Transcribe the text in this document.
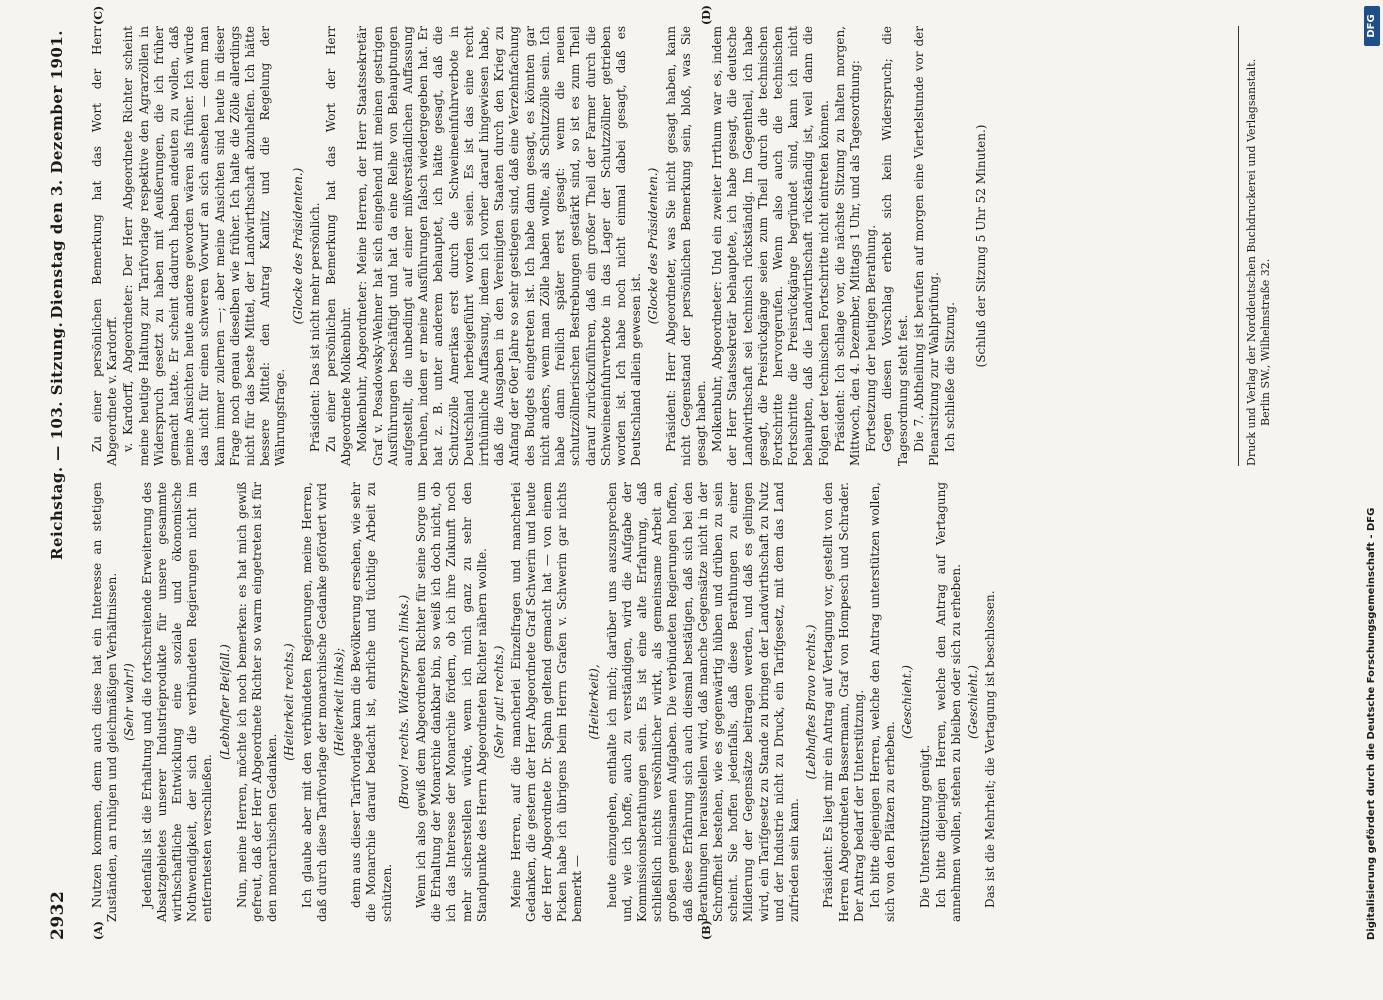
2932
Reichstag. — 103. Sitzung.
Dienstag den 3. Dezember 1901.
(A)	(B)
(C)	(D)

Nutzen kommen, denn auch diese hat ein Interesse an stetigen Zuständen, an ruhigen und gleichmäßigen Verhältnissen. (Sehr wahr!) Jedenfalls ist die Erhaltung und die fortschreitende Erweiterung des Absatzgebietes unserer Industrieprodukte für unsere gesammte wirthschaftliche Entwicklung eine soziale und ökonomische Nothwendigkeit, der sich die verbündeten Regierungen nicht im entferntesten verschließen.

(Lebhafter Beifall.) Nun, meine Herren, möchte ich noch bemerken: es hat mich gewiß gefreut, daß der Herr Abgeordnete Richter so warm eingetreten ist für den monarchischen Gedanken.

(Heiterkeit rechts.) Ich glaube aber mit den verbündeten Regierungen, meine Herren, daß durch diese Tarifvorlage der monarchische Gedanke gefördert wird (Heiterkeit links); denn aus dieser Tarifvorlage kann die Bevölkerung ersehen, wie sehr die Monarchie darauf bedacht ist, ehrliche und tüchtige Arbeit zu schützen.

(Bravo! rechts. Widerspruch links.) Wenn ich also gewiß dem Abgeordneten Richter für seine Sorge um die Erhaltung der Monarchie dankbar bin, so weiß ich doch nicht, ob ich das Interesse der Monarchie fördern, ob ich ihre Zukunft noch mehr sicherstellen würde, wenn ich mich ganz zu sehr den Standpunkte des Herrn Abgeordneten Richter nähern wollte. (Sehr gut! rechts.) Meine Herren, auf die mancherlei Einzelfragen und mancherlei Gedanken, die gestern der Herr Abgeordnete Graf Schwerin und heute der Herr Abgeordnete Dr. Spahn geltend gemacht hat — von einem Picken habe ich übrigens beim Herrn Grafen v. Schwerin gar nichts bemerkt —

(Heiterkeit), heute einzugehen, enthalte ich mich; darüber uns auszusprechen und, wie ich hoffe, auch zu verständigen, wird die Aufgabe der Kommissionsberathungen sein. Es ist eine alte Erfahrung, daß schließlich nichts versöhnlicher wirkt, als gemeinsame Arbeit an großen gemeinsamen Aufgaben. Die verbündeten Regierungen hoffen, daß diese Erfahrung sich auch diesmal bestätigen, daß sich bei den Berathungen herausstellen wird, daß manche Gegensätze nicht in der Schroffheit bestehen, wie es gegenwärtig hüben und drüben zu sein scheint. Sie hoffen jedenfalls, daß diese Berathungen zu einer Milderung der Gegensätze beitragen werden, und daß es gelingen wird, ein Tarifgesetz zu Stande zu bringen der Landwirthschaft zu Nutz und der Industrie nicht zu Druck, ein Tarifgesetz, mit dem das Land zufrieden sein kann.

(Lebhaftes Bravo rechts.) Präsident: Es liegt mir ein Antrag auf Vertagung vor, gestellt von den Herren Abgeordneten Bassermann, Graf von Hompesch und Schrader. Der Antrag bedarf der Unterstützung. Ich bitte diejenigen Herren, welche den Antrag unterstützen wollen, sich von den Plätzen zu erheben.

(Geschieht.)

Die Unterstützung genügt. Ich bitte diejenigen Herren, welche den Antrag auf Vertagung annehmen wollen, stehen zu bleiben oder sich zu erheben. (Geschieht.) Das ist die Mehrheit; die Vertagung ist beschlossen.

Zu einer persönlichen Bemerkung hat das Wort der Herr Abgeordnete v. Kardorff. v. Kardorff, Abgeordneter: Der Herr Abgeordnete Richter scheint meine heutige Haltung zur Tarifvorlage respektive den Agrarzöllen in Widerspruch gesetzt zu haben mit Aeußerungen, die ich früher gemacht hatte. Er scheint dadurch haben andeuten zu wollen, daß meine Ansichten heute andere geworden wären als früher. Ich würde das nicht für einen schweren Vorwurf an sich ansehen — denn man kann immer zulernen —; aber meine Ansichten sind heute in dieser Frage noch genau dieselben wie früher. Ich halte die Zölle allerdings nicht für das beste Mittel, der Landwirthschaft abzuhelfen. Ich hätte bessere Mittel: den Antrag Kanitz und die Regelung der Währungsfrage.

(Glocke des Präsidenten.) Präsident: Das ist nicht mehr persönlich. Zu einer persönlichen Bemerkung hat das Wort der Herr Abgeordnete Molkenbuhr. Molkenbuhr, Abgeordneter: Meine Herren, der Herr Staatssekretär Graf v. Posadowsky-Wehner hat sich eingehend mit meinen gestrigen Ausführungen beschäftigt und hat da eine Reihe von Behauptungen aufgestellt, die unbedingt auf einer mißverständlichen Auffassung beruhen, indem er meine Ausführungen falsch wiedergegeben hat. Er hat z. B. unter anderem behauptet, ich hätte gesagt, daß die Schutzzölle Amerikas erst durch die Schweineeinfuhrverbote in Deutschland herbeigeführt worden seien. Es ist das eine recht irrthümliche Auffassung, indem ich vorher darauf hingewiesen habe, daß die Ausgaben in den Vereinigten Staaten durch den Krieg zu Anfang der 60er Jahre so sehr gestiegen sind, daß eine Verzehnfachung des Budgets eingetreten ist. Ich habe dann gesagt, es könnten gar nicht anders, wenn man Zölle haben wollte, als Schutzzölle sein. Ich habe dann freilich später erst gesagt: wenn die neuen schutzzöllnerischen Bestrebungen gestärkt sind, so ist es zum Theil darauf zurückzuführen, daß ein großer Theil der Farmer durch die Schweineeinfuhrverbote in das Lager der Schutzzöllner getrieben worden ist. Ich habe noch nicht einmal dabei gesagt, daß es Deutschland allein gewesen ist.

(Glocke des Präsidenten.) Präsident: Herr Abgeordneter, was Sie nicht gesagt haben, kann nicht Gegenstand der persönlichen Bemerkung sein, bloß, was Sie gesagt haben. Molkenbuhr, Abgeordneter: Und ein zweiter Irrthum war es, indem der Herr Staatssekretär behauptete, ich habe gesagt, die deutsche Landwirthschaft sei technisch rückständig. Im Gegentheil, ich habe gesagt, die Preisrückgänge seien zum Theil durch die technischen Fortschritte hervorgerufen. Wenn also auch die technischen Fortschritte die Preisrückgänge begründet sind, kann ich nicht behaupten, daß die Landwirthschaft rückständig ist, weil dann die Folgen der technischen Fortschritte nicht eintreten können. Präsident: Ich schlage vor, die nächste Sitzung zu halten morgen, Mittwoch, den 4. Dezember, Mittags 1 Uhr, und als Tagesordnung: Fortsetzung der heutigen Berathung. Gegen diesen Vorschlag erhebt sich kein Widerspruch; die Tagesordnung steht fest. Die 7. Abtheilung ist berufen auf morgen eine Viertelstunde vor der Plenarsitzung zur Wahlprüfung. Ich schließe die Sitzung.

(Schluß der Sitzung 5 Uhr 52 Minuten.)	Druck und Verlag der Norddeutschen Buchdruckerei und Verlagsanstalt. Berlin SW., Wilhelmstraße 32.
DFG
Digitalisierung gefördert durch die Deutsche Forschungsgemeinschaft - DFG
